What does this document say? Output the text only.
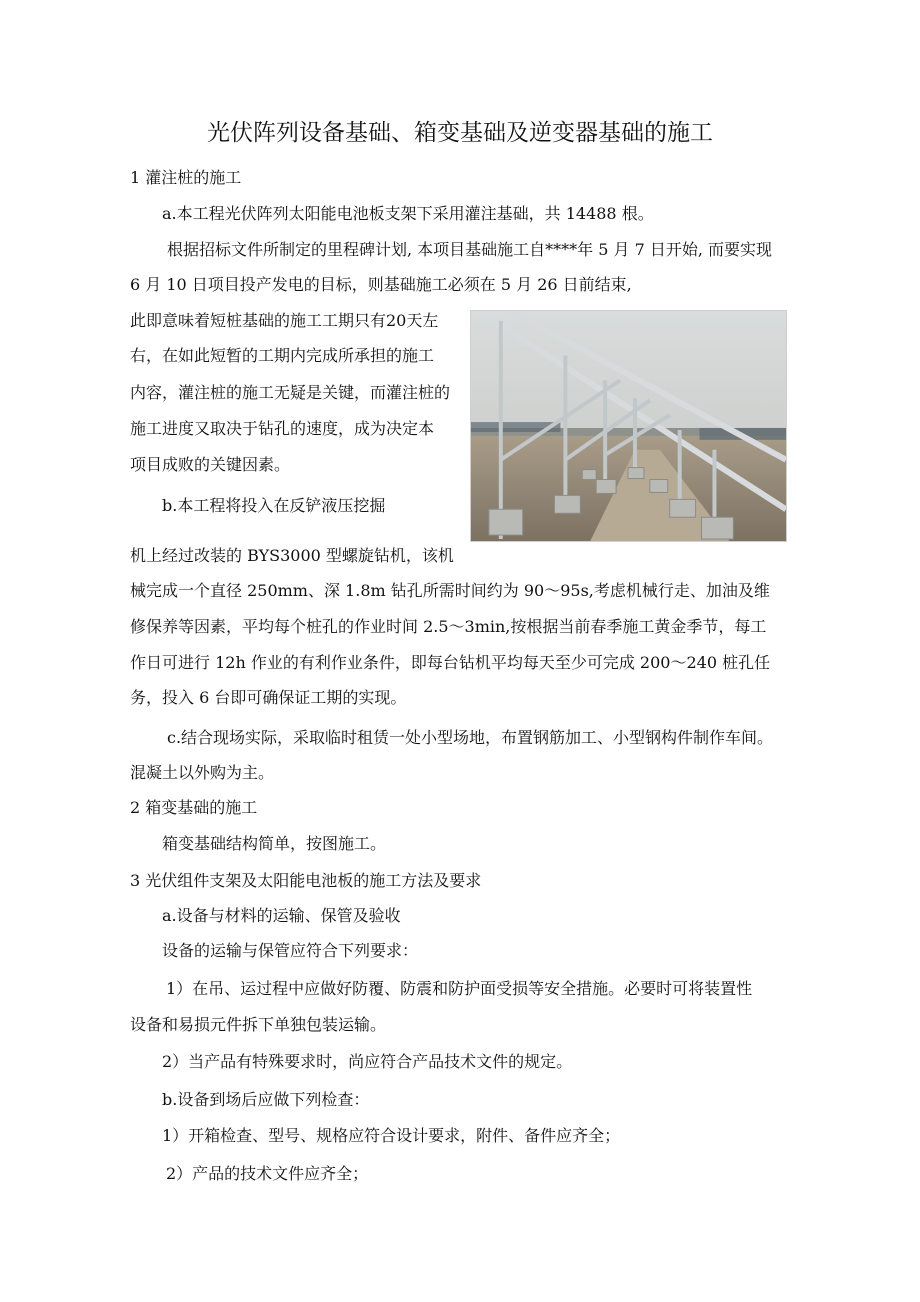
光伏阵列设备基础、箱变基础及逆变器基础的施工
1 灌注桩的施工
a.本工程光伏阵列太阳能电池板支架下采用灌注基础，共 14488 根。
根据招标文件所制定的里程碑计划, 本项目基础施工自****年 5 月 7 日开始, 而要实现
6 月 10 日项目投产发电的目标，则基础施工必须在 5 月 26 日前结束,
此即意味着短桩基础的施工工期只有20天左
右，在如此短暂的工期内完成所承担的施工
内容，灌注桩的施工无疑是关键，而灌注桩的
施工进度又取决于钻孔的速度，成为决定本
项目成败的关键因素。
b.本工程将投入在反铲液压挖掘
机上经过改装的 BYS3000 型螺旋钻机，该机
械完成一个直径 250mm、深 1.8m 钻孔所需时间约为 90～95s,考虑机械行走、加油及维
修保养等因素，平均每个桩孔的作业时间 2.5～3min,按根据当前春季施工黄金季节，每工
作日可进行 12h 作业的有利作业条件，即每台钻机平均每天至少可完成 200～240 桩孔任
务，投入 6 台即可确保证工期的实现。
c.结合现场实际，采取临时租赁一处小型场地，布置钢筋加工、小型钢构件制作车间。
混凝土以外购为主。
2 箱变基础的施工
箱变基础结构简单，按图施工。
3 光伏组件支架及太阳能电池板的施工方法及要求
a.设备与材料的运输、保管及验收
设备的运输与保管应符合下列要求：
1）在吊、运过程中应做好防覆、防震和防护面受损等安全措施。必要时可将装置性
设备和易损元件拆下单独包装运输。
2）当产品有特殊要求时，尚应符合产品技术文件的规定。
b.设备到场后应做下列检查：
1）开箱检查、型号、规格应符合设计要求，附件、备件应齐全；
2）产品的技术文件应齐全；
